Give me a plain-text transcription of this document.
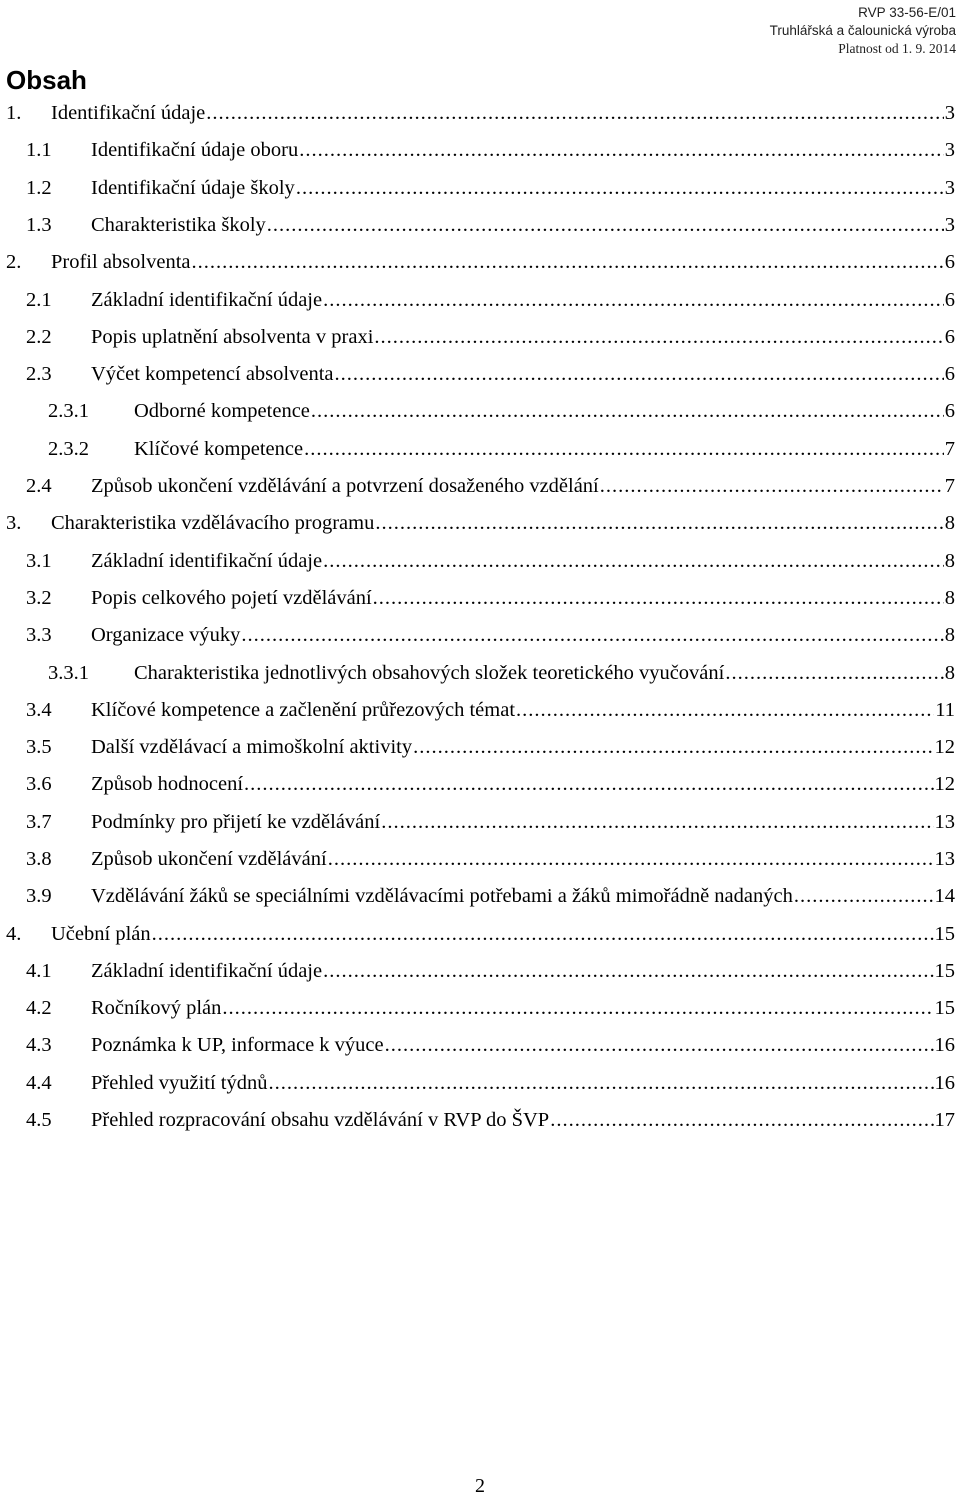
RVP 33-56-E/01
Truhlářská a čalounická výroba
Platnost od 1. 9. 2014
Obsah
1.	Identifikační údaje .....	3
1.1	Identifikační údaje oboru .....	3
1.2	Identifikační údaje školy .....	3
1.3	Charakteristika školy .....	3
2.	Profil absolventa .....	6
2.1	Základní identifikační údaje .....	6
2.2	Popis uplatnění absolventa v praxi .....	6
2.3	Výčet kompetencí absolventa .....	6
2.3.1	Odborné kompetence .....	6
2.3.2	Klíčové kompetence .....	7
2.4	Způsob ukončení vzdělávání a potvrzení dosaženého vzdělání .....	7
3.	Charakteristika vzdělávacího programu .....	8
3.1	Základní identifikační údaje .....	8
3.2	Popis celkového pojetí vzdělávání .....	8
3.3	Organizace výuky .....	8
3.3.1	Charakteristika jednotlivých obsahových složek teoretického vyučování .....	8
3.4	Klíčové kompetence a začlenění průřezových témat .....	11
3.5	Další vzdělávací a mimoškolní aktivity .....	12
3.6	Způsob hodnocení .....	12
3.7	Podmínky pro přijetí ke vzdělávání .....	13
3.8	Způsob ukončení vzdělávání .....	13
3.9	Vzdělávání žáků se speciálními vzdělávacími potřebami a žáků mimořádně nadaných .....	14
4.	Učební plán .....	15
4.1	Základní identifikační údaje .....	15
4.2	Ročníkový plán .....	15
4.3	Poznámka k UP, informace k výuce .....	16
4.4	Přehled využití týdnů .....	16
4.5	Přehled rozpracování obsahu vzdělávání v RVP do ŠVP .....	17
2
